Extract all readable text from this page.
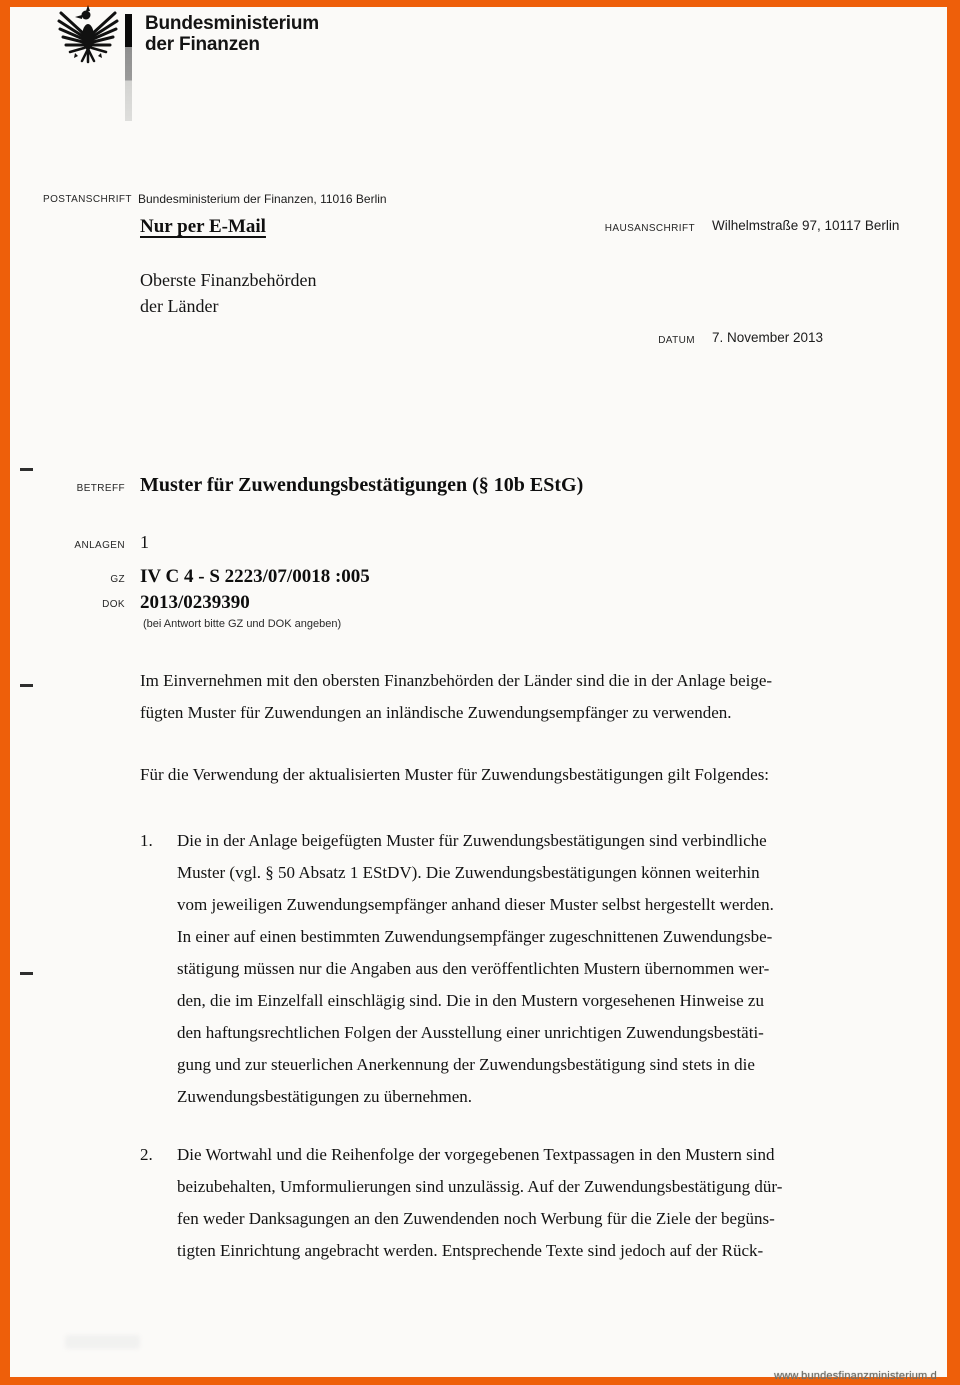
Bundesministerium
der Finanzen
POSTANSCHRIFT Bundesministerium der Finanzen, 11016 Berlin
Nur per E-Mail
Oberste Finanzbehörden
der Länder
HAUSANSCHRIFT Wilhelmstraße 97, 10117 Berlin
DATUM 7. November 2013
BETREFF Muster für Zuwendungsbestätigungen (§ 10b EStG)
ANLAGEN 1
GZ IV C 4 - S 2223/07/0018 :005
DOK 2013/0239390
(bei Antwort bitte GZ und DOK angeben)
Im Einvernehmen mit den obersten Finanzbehörden der Länder sind die in der Anlage beige-
fügten Muster für Zuwendungen an inländische Zuwendungsempfänger zu verwenden.
Für die Verwendung der aktualisierten Muster für Zuwendungsbestätigungen gilt Folgendes:
1.	Die in der Anlage beigefügten Muster für Zuwendungsbestätigungen sind verbindliche
Muster (vgl. § 50 Absatz 1 EStDV). Die Zuwendungsbestätigungen können weiterhin
vom jeweiligen Zuwendungsempfänger anhand dieser Muster selbst hergestellt werden.
In einer auf einen bestimmten Zuwendungsempfänger zugeschnittenen Zuwendungsbe-
stätigung müssen nur die Angaben aus den veröffentlichten Mustern übernommen wer-
den, die im Einzelfall einschlägig sind. Die in den Mustern vorgesehenen Hinweise zu
den haftungsrechtlichen Folgen der Ausstellung einer unrichtigen Zuwendungsbestäti-
gung und zur steuerlichen Anerkennung der Zuwendungsbestätigung sind stets in die
Zuwendungsbestätigungen zu übernehmen.
2.	Die Wortwahl und die Reihenfolge der vorgegebenen Textpassagen in den Mustern sind
beizubehalten, Umformulierungen sind unzulässig. Auf der Zuwendungsbestätigung dür-
fen weder Danksagungen an den Zuwendenden noch Werbung für die Ziele der begüns-
tigten Einrichtung angebracht werden. Entsprechende Texte sind jedoch auf der Rück-
www.bundesfinanzministerium.d
